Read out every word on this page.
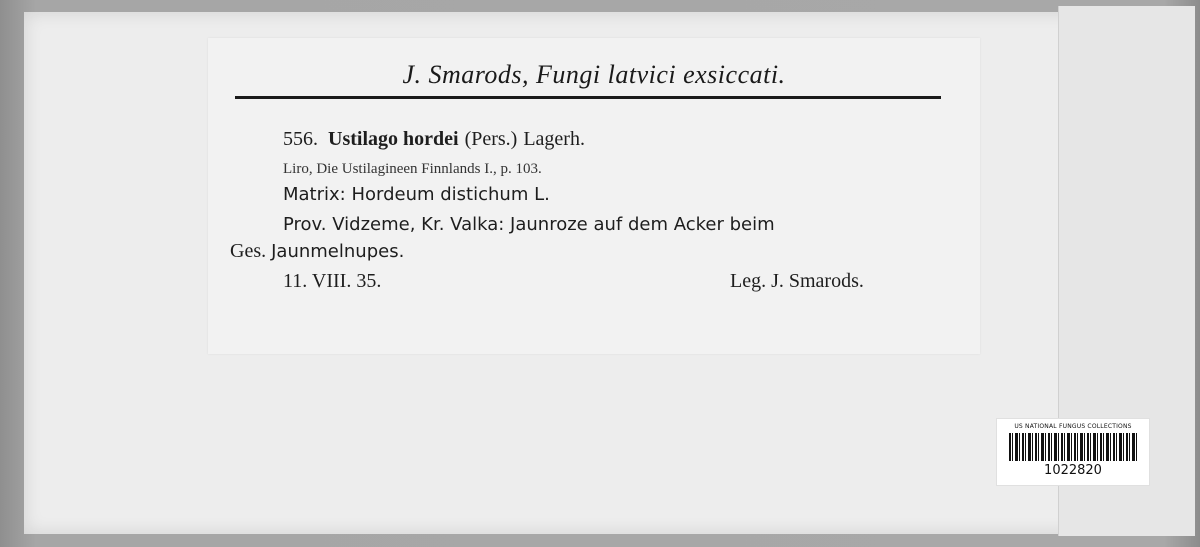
J. Smarods, Fungi latvici exsiccati.
556. Ustilago hordei (Pers.) Lagerh.
Liro, Die Ustilagineen Finnlands I., p. 103.
Matrix: Hordeum distichum L.
Prov. Vidzeme, Kr. Valka: Jaunroze auf dem Acker beim
Ges. Jaunmelnupes.
11. VIII. 35.	Leg. J. Smarods.
US NATIONAL FUNGUS COLLECTIONS
1022820
